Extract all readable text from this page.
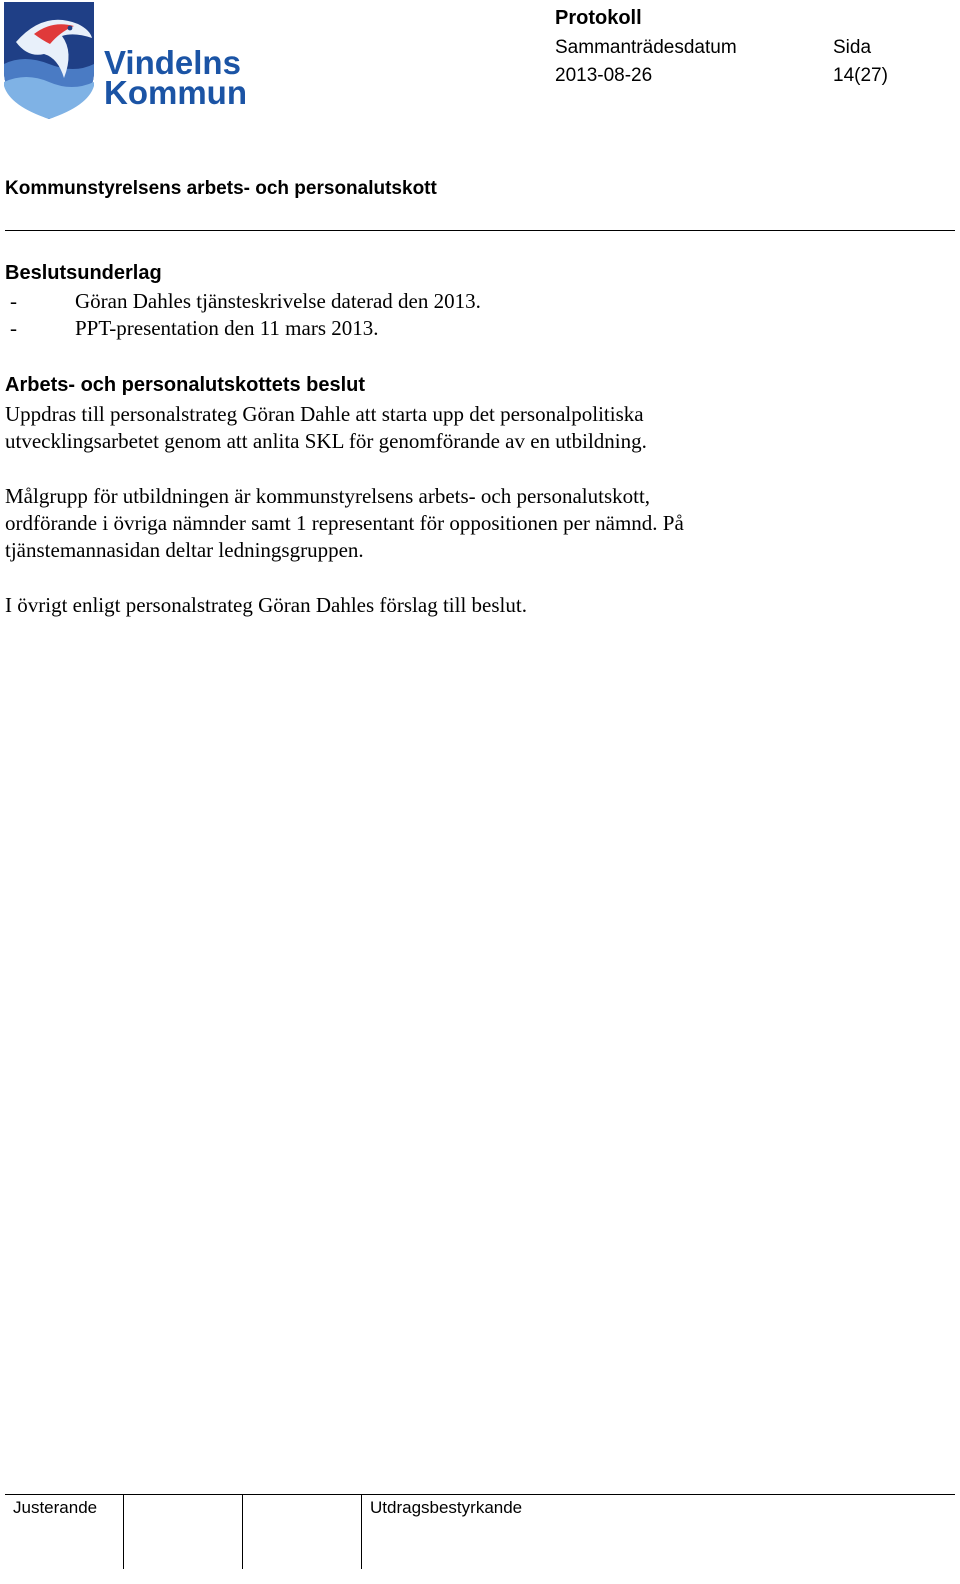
Vindelns
Kommun
Protokoll
Sammanträdesdatum	Sida
2013-08-26	14(27)
Kommunstyrelsens arbets- och personalutskott
Beslutsunderlag
-	Göran Dahles tjänsteskrivelse daterad den 2013.
-	PPT-presentation den 11 mars 2013.
Arbets- och personalutskottets beslut
Uppdras till personalstrateg Göran Dahle att starta upp det personalpolitiska
utvecklingsarbetet genom att anlita SKL för genomförande av en utbildning.
Målgrupp för utbildningen är kommunstyrelsens arbets- och personalutskott,
ordförande i övriga nämnder samt 1 representant för oppositionen per nämnd. På
tjänstemannasidan deltar ledningsgruppen.
I övrigt enligt personalstrateg Göran Dahles förslag till beslut.
Justerande	Utdragsbestyrkande
